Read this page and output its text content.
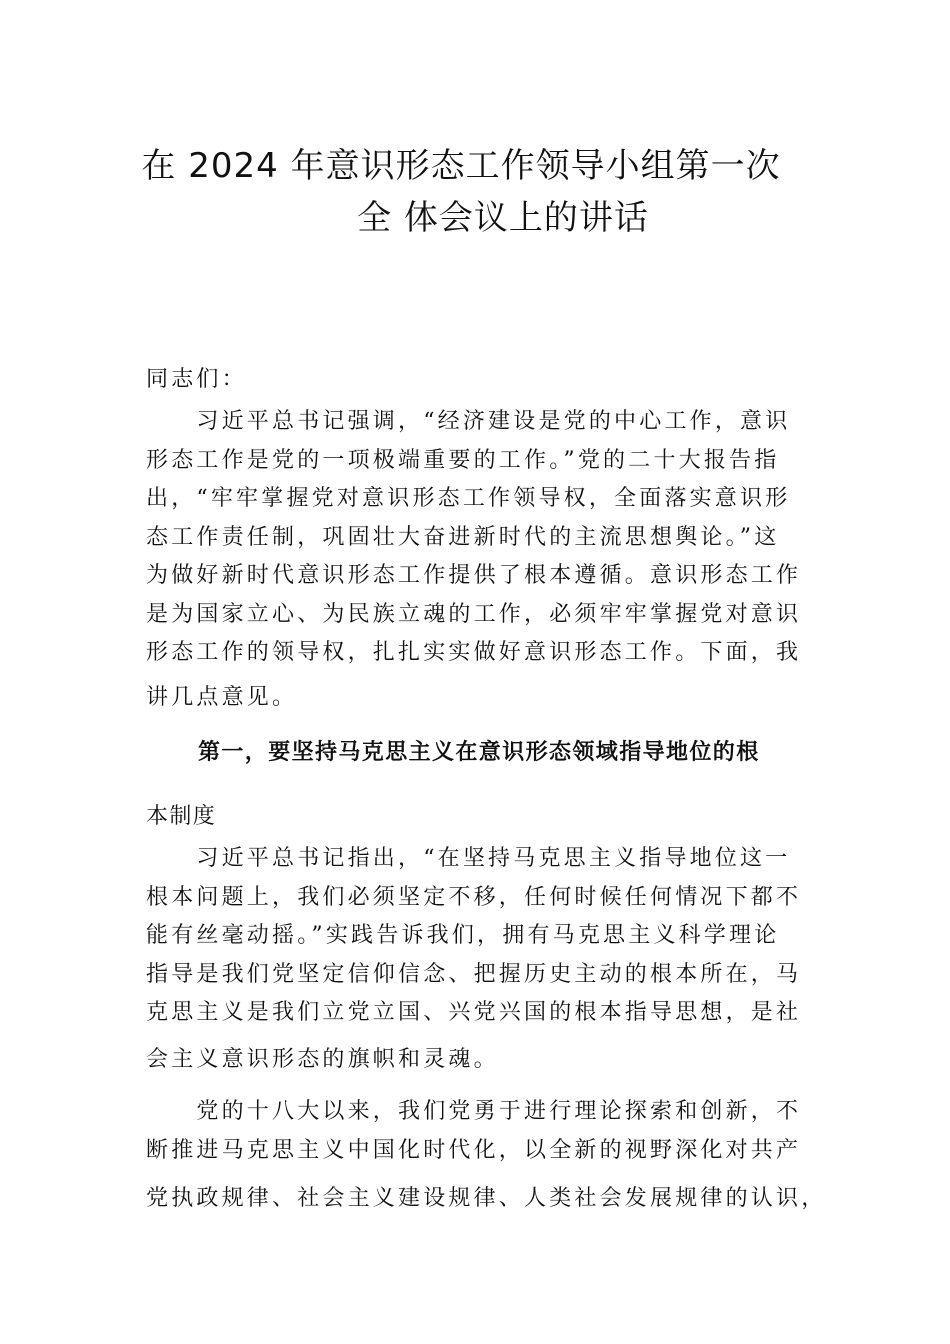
在 2024 年意识形态工作领导小组第一次
全 体会议上的讲话
同志们：
　　习近平总书记强调，“经济建设是党的中心工作，意识
形态工作是党的一项极端重要的工作。”党的二十大报告指
出，“牢牢掌握党对意识形态工作领导权，全面落实意识形
态工作责任制，巩固壮大奋进新时代的主流思想舆论。”这
为做好新时代意识形态工作提供了根本遵循。意识形态工作
是为国家立心、为民族立魂的工作，必须牢牢掌握党对意识
形态工作的领导权，扎扎实实做好意识形态工作。下面，我
讲几点意见。
第一，要坚持马克思主义在意识形态领域指导地位的根
本制度
　　习近平总书记指出，“在坚持马克思主义指导地位这一
根本问题上，我们必须坚定不移，任何时候任何情况下都不
能有丝毫动摇。”实践告诉我们，拥有马克思主义科学理论
指导是我们党坚定信仰信念、把握历史主动的根本所在，马
克思主义是我们立党立国、兴党兴国的根本指导思想，是社
会主义意识形态的旗帜和灵魂。
　　党的十八大以来，我们党勇于进行理论探索和创新，不
断推进马克思主义中国化时代化，以全新的视野深化对共产
党执政规律、社会主义建设规律、人类社会发展规律的认识，
